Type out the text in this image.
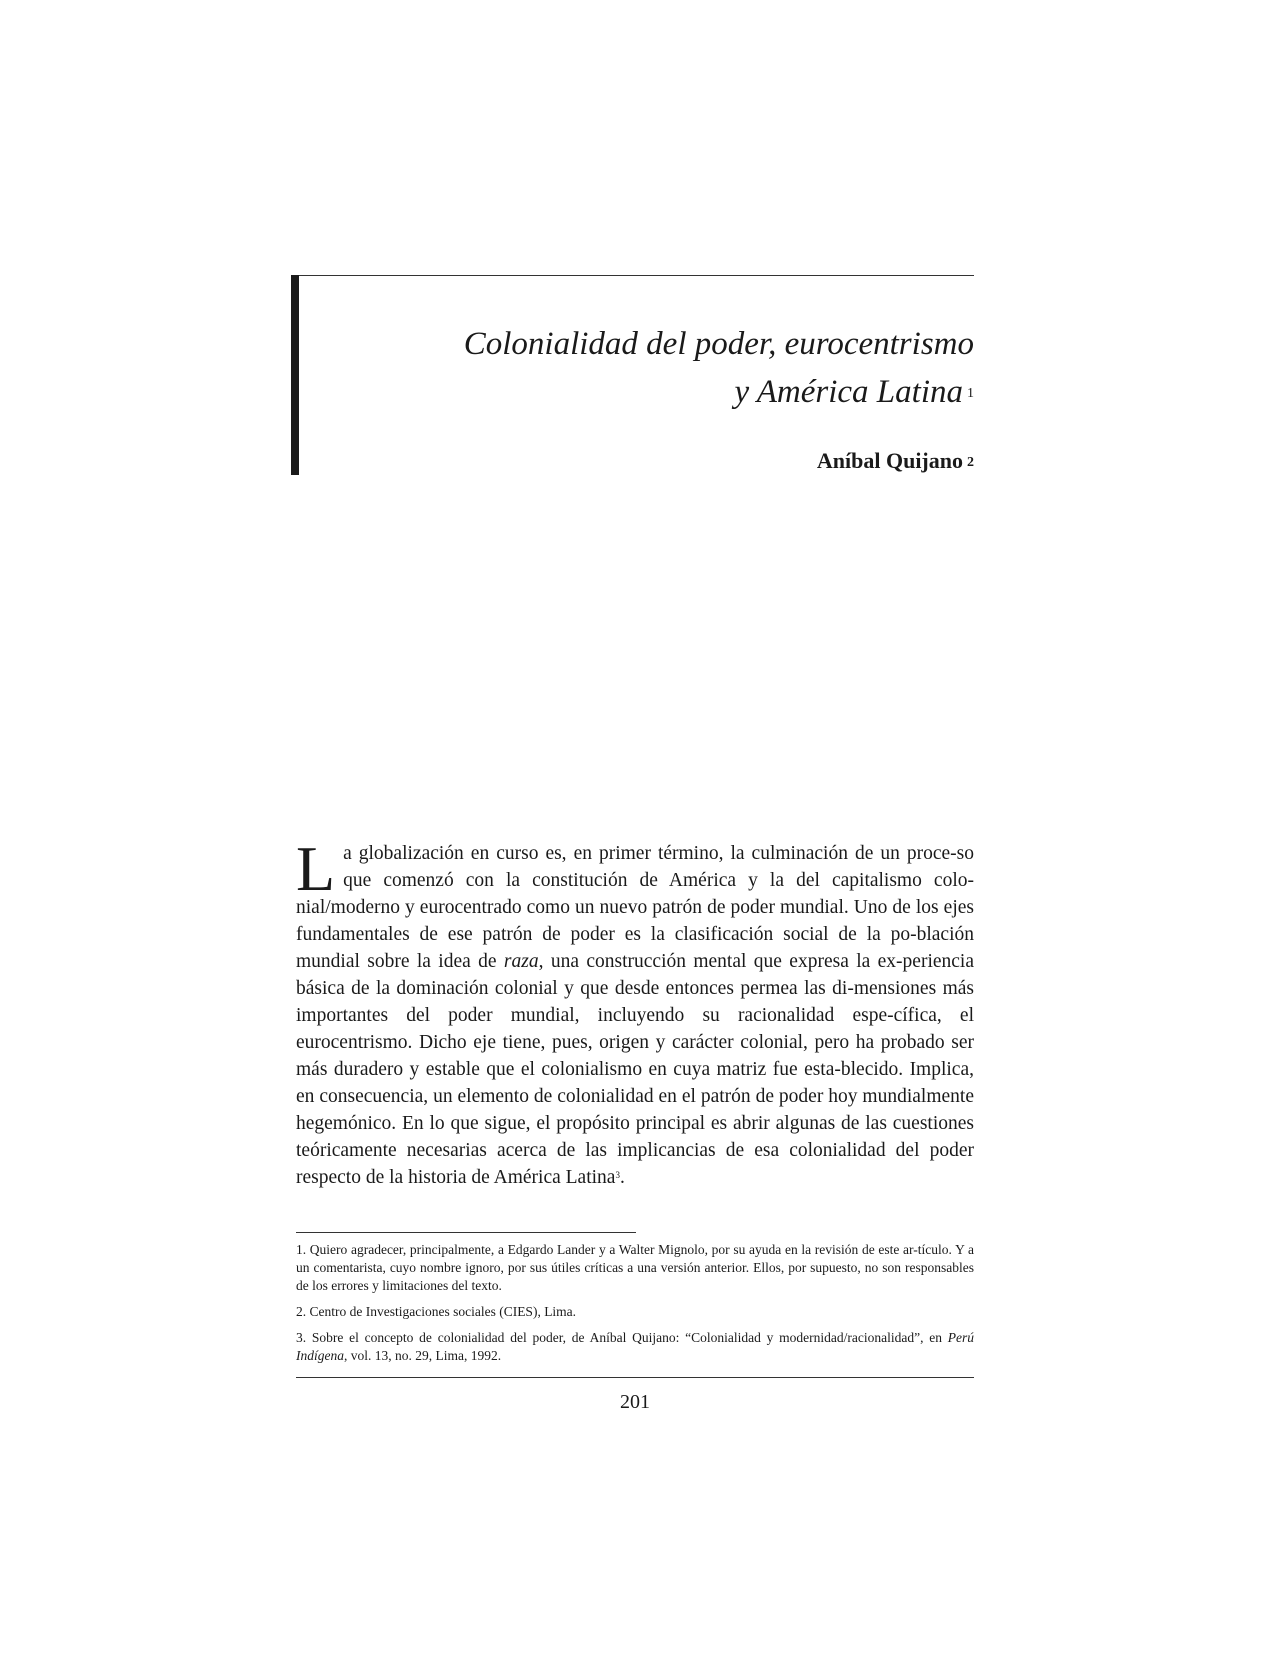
Colonialidad del poder, eurocentrismo
y América Latina $^1$
Aníbal Quijano $^2$
La globalización en curso es, en primer término, la culminación de un proce-so que comenzó con la constitución de América y la del capitalismo colo-nial/moderno y eurocentrado como un nuevo patrón de poder mundial. Uno de los ejes fundamentales de ese patrón de poder es la clasificación social de la po-blación mundial sobre la idea de raza, una construcción mental que expresa la ex-periencia básica de la dominación colonial y que desde entonces permea las di-mensiones más importantes del poder mundial, incluyendo su racionalidad espe-cífica, el eurocentrismo. Dicho eje tiene, pues, origen y carácter colonial, pero ha probado ser más duradero y estable que el colonialismo en cuya matriz fue esta-blecido. Implica, en consecuencia, un elemento de colonialidad en el patrón de poder hoy mundialmente hegemónico. En lo que sigue, el propósito principal es abrir algunas de las cuestiones teóricamente necesarias acerca de las implicancias de esa colonialidad del poder respecto de la historia de América Latina$^3$.

1. Quiero agradecer, principalmente, a Edgardo Lander y a Walter Mignolo, por su ayuda en la revisión de este ar-tículo. Y a un comentarista, cuyo nombre ignoro, por sus útiles críticas a una versión anterior. Ellos, por supuesto, no son responsables de los errores y limitaciones del texto.

2. Centro de Investigaciones sociales (CIES), Lima.

3. Sobre el concepto de colonialidad del poder, de Aníbal Quijano: “Colonialidad y modernidad/racionalidad”, en Perú Indígena, vol. 13, no. 29, Lima, 1992.

201
